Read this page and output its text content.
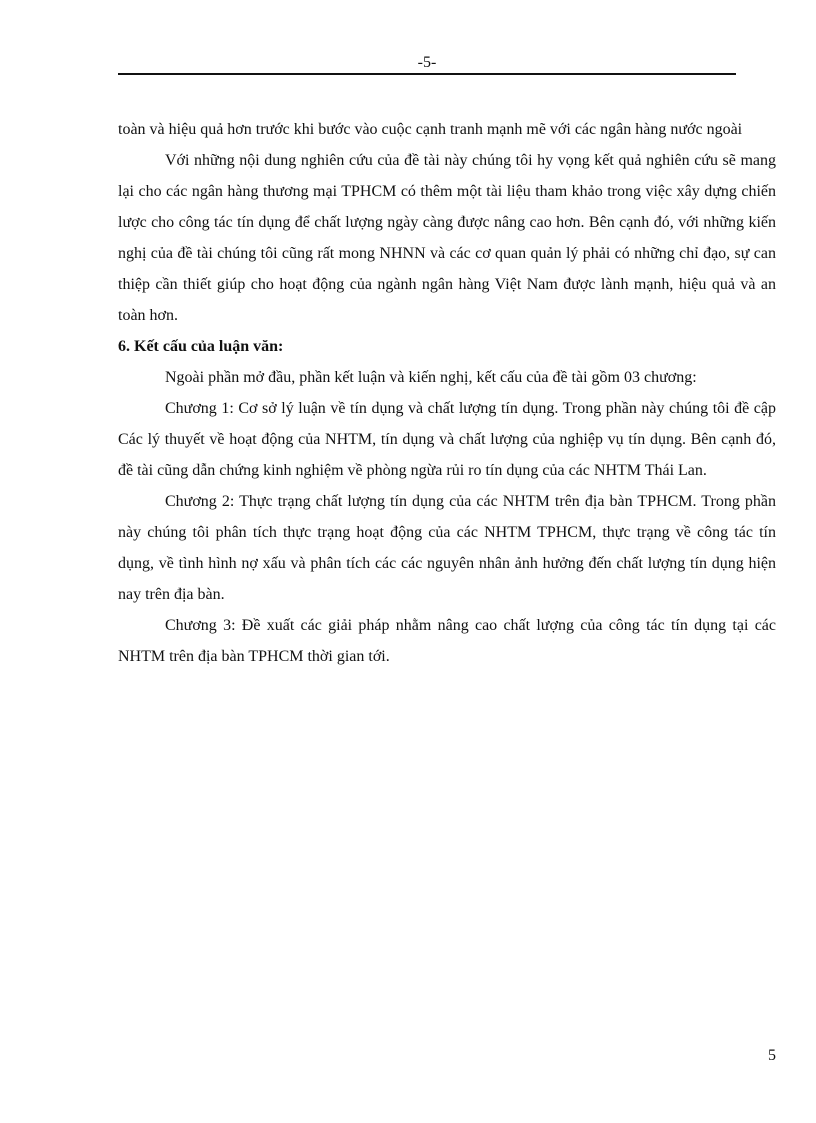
-5-

toàn và hiệu quả hơn trước khi bước vào cuộc cạnh tranh mạnh mẽ với các ngân hàng nước ngoài

Với những nội dung nghiên cứu của đề tài này chúng tôi hy vọng kết quả nghiên cứu sẽ mang lại cho các ngân hàng thương mại TPHCM có thêm một tài liệu tham khảo trong việc xây dựng chiến lược cho công tác tín dụng để chất lượng ngày càng được nâng cao hơn. Bên cạnh đó, với những kiến nghị của đề tài chúng tôi cũng rất mong NHNN và các cơ quan quản lý phải có những chỉ đạo, sự can thiệp cần thiết giúp cho hoạt động của ngành ngân hàng Việt Nam được lành mạnh, hiệu quả và an toàn hơn.

6. Kết cấu của luận văn:

Ngoài phần mở đầu, phần kết luận và kiến nghị, kết cấu của đề tài gồm 03 chương:

Chương 1: Cơ sở lý luận về tín dụng và chất lượng tín dụng. Trong phần này chúng tôi đề cập Các lý thuyết về hoạt động của NHTM, tín dụng và chất lượng của nghiệp vụ tín dụng. Bên cạnh đó, đề tài cũng dẫn chứng kinh nghiệm về phòng ngừa rủi ro tín dụng của các NHTM Thái Lan.

Chương 2: Thực trạng chất lượng tín dụng của các NHTM trên địa bàn TPHCM. Trong phần này chúng tôi phân tích thực trạng hoạt động của các NHTM TPHCM, thực trạng về công tác tín dụng, về tình hình nợ xấu và phân tích các các nguyên nhân ảnh hưởng đến chất lượng tín dụng hiện nay trên địa bàn.

Chương 3: Đề xuất các giải pháp nhằm nâng cao chất lượng của công tác tín dụng tại các NHTM trên địa bàn TPHCM thời gian tới.

5
